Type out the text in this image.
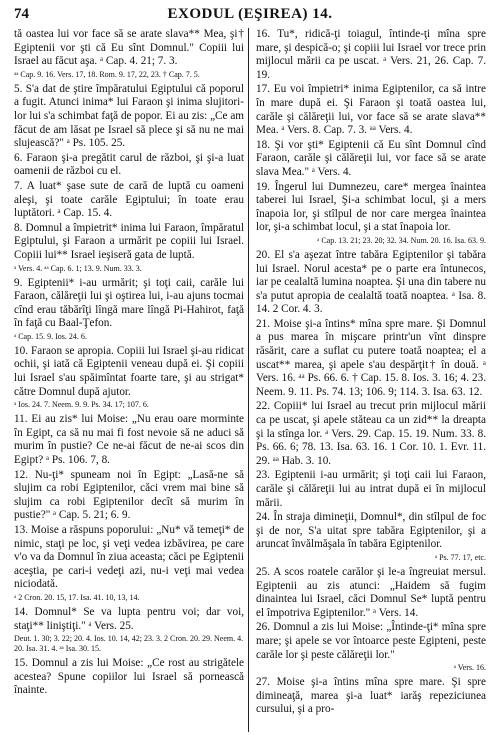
74	EXODUL (EŞIREA) 14.

tă oastea lui vor face să se arate slava** Mea, şi† Egiptenii vor şti că Eu sînt Domnul." Copiii lui Israel au făcut aşa. ᵃ Cap. 4. 21; 7. 3.

ᵃᵃ Cap. 9. 16. Vers. 17, 18. Rom. 9. 17, 22, 23. † Cap. 7. 5.

5. S'a dat de ştire împăratului Egiptului că poporul a fugit. Atunci inima* lui Faraon şi inima slujitorilor lui s'a schimbat faţă de popor. Ei au zis: „Ce am făcut de am lăsat pe Israel să plece şi să nu ne mai slujească?" ᵃ Ps. 105. 25.

6. Faraon şi-a pregătit carul de război, şi şi-a luat oamenii de război cu el.

7. A luat* şase sute de cară de luptă cu oameni aleşi, şi toate carăle Egiptului; în toate erau luptători. ᵃ Cap. 15. 4.

8. Domnul a împietrit* inima lui Faraon, împăratul Egiptului, şi Faraon a urmărit pe copiii lui Israel. Copiii lui** Israel ieşiseră gata de luptă.

ᵃ Vers. 4. ᵃᵃ Cap. 6. 1; 13. 9. Num. 33. 3.

9. Egiptenii* i-au urmărit; şi toţi caii, carăle lui Faraon, călăreţii lui şi oştirea lui, i-au ajuns tocmai cînd erau tăbărîţi lîngă mare lîngă Pi-Hahirot, faţă în faţă cu Baal-Ţefon.

ᵃ Cap. 15. 9. Ios. 24. 6.

10. Faraon se apropia. Copiii lui Israel şi-au ridicat ochii, şi iată că Egiptenii veneau după ei. Şi copiii lui Israel s'au spăimîntat foarte tare, şi au strigat* către Domnul după ajutor.

ᵃ Ios. 24. 7. Neem. 9. 9. Ps. 34. 17; 107. 6.

11. Ei au zis* lui Moise: „Nu erau oare morminte în Egipt, ca să nu mai fi fost nevoie să ne aduci să murim în pustie? Ce ne-ai făcut de ne-ai scos din Egipt? ᵃ Ps. 106. 7, 8.

12. Nu-ţi* spuneam noi în Egipt: „Lasă-ne să slujim ca robi Egiptenilor, căci vrem mai bine să slujim ca robi Egiptenilor decît să murim în pustie?" ᵃ Cap. 5. 21; 6. 9.

13. Moise a răspuns poporului: „Nu* vă temeţi* de nimic, staţi pe loc, şi veţi vedea izbăvirea, pe care v'o va da Domnul în ziua aceasta; căci pe Egiptenii aceştia, pe cari-i vedeţi azi, nu-i veţi mai vedea niciodată.

ᵃ 2 Cron. 20. 15, 17. Isa. 41. 10, 13, 14.

14. Domnul* Se va lupta pentru voi; dar voi, staţi** liniştiţi." ᵃ Vers. 25.

Deut. 1. 30; 3. 22; 20. 4. Ios. 10. 14, 42; 23. 3. 2 Cron. 20. 29. Neem. 4. 20. Isa. 31. 4. ᵃᵃ Isa. 30. 15.

15. Domnul a zis lui Moise: „Ce rost au strigătele acestea? Spune copiilor lui Israel să pornească înainte.

16. Tu*, ridică-ţi toiagul, întinde-ţi mîna spre mare, şi despică-o; şi copiii lui Israel vor trece prin mijlocul mării ca pe uscat. ᵃ Vers. 21, 26. Cap. 7. 19.

17. Eu voi împietri* inima Egiptenilor, ca să intre în mare după ei. Şi Faraon şi toată oastea lui, carăle şi călăreţii lui, vor face să se arate slava** Mea. ᵃ Vers. 8. Cap. 7. 3. ᵃᵃ Vers. 4.

18. Şi vor şti* Egiptenii că Eu sînt Domnul cînd Faraon, carăle şi călăreţii lui, vor face să se arate slava Mea." ᵃ Vers. 4.

19. Îngerul lui Dumnezeu, care* mergea înaintea taberei lui Israel, Şi-a schimbat locul, şi a mers înapoia lor, şi stîlpul de nor care mergea înaintea lor, şi-a schimbat locul, şi a stat înapoia lor.

ᵃ Cap. 13. 21; 23. 20; 32. 34. Num. 20. 16. Isa. 63. 9.

20. El s'a aşezat între tabăra Egiptenilor şi tabăra lui Israel. Norul acesta* pe o parte era întunecos, iar pe cealaltă lumina noaptea. Şi una din tabere nu s'a putut apropia de cealaltă toată noaptea. ᵃ Isa. 8. 14. 2 Cor. 4. 3.

21. Moise şi-a întins* mîna spre mare. Şi Domnul a pus marea în mişcare printr'un vînt dinspre răsărit, care a suflat cu putere toată noaptea; el a uscat** marea, şi apele s'au despărţit† în două. ᵃ Vers. 16. ᵃᵃ Ps. 66. 6. † Cap. 15. 8. Ios. 3. 16; 4. 23. Neem. 9. 11. Ps. 74. 13; 106. 9; 114. 3. Isa. 63. 12.

22. Copiii* lui Israel au trecut prin mijlocul mării ca pe uscat, şi apele stăteau ca un zid** la dreapta şi la stînga lor. ᵃ Vers. 29. Cap. 15. 19. Num. 33. 8. Ps. 66. 6; 78. 13. Isa. 63. 16. 1 Cor. 10. 1. Evr. 11. 29. ᵃᵃ Hab. 3. 10.

23. Egiptenii i-au urmărit; şi toţi caii lui Faraon, carăle şi călăreţii lui au intrat după ei în mijlocul mării.

24. În straja dimineţii, Domnul*, din stîlpul de foc şi de nor, S'a uitat spre tabăra Egiptenilor, şi a aruncat învălmăşala în tabăra Egiptenilor.

ᵃ Ps. 77. 17, etc.

25. A scos roatele carălor şi le-a îngreuiat mersul. Egiptenii au zis atunci: „Haidem să fugim dinaintea lui Israel, căci Domnul Se* luptă pentru el împotriva Egiptenilor." ᵃ Vers. 14.

26. Domnul a zis lui Moise: „Întinde-ţi* mîna spre mare; şi apele se vor întoarce peste Egipteni, peste carăle lor şi peste călăreţii lor."

ᵃ Vers. 16.

27. Moise şi-a întins mîna spre mare. Şi spre dimineaţă, marea şi-a luat* iarăş repeziciunea cursului, şi a pro-
